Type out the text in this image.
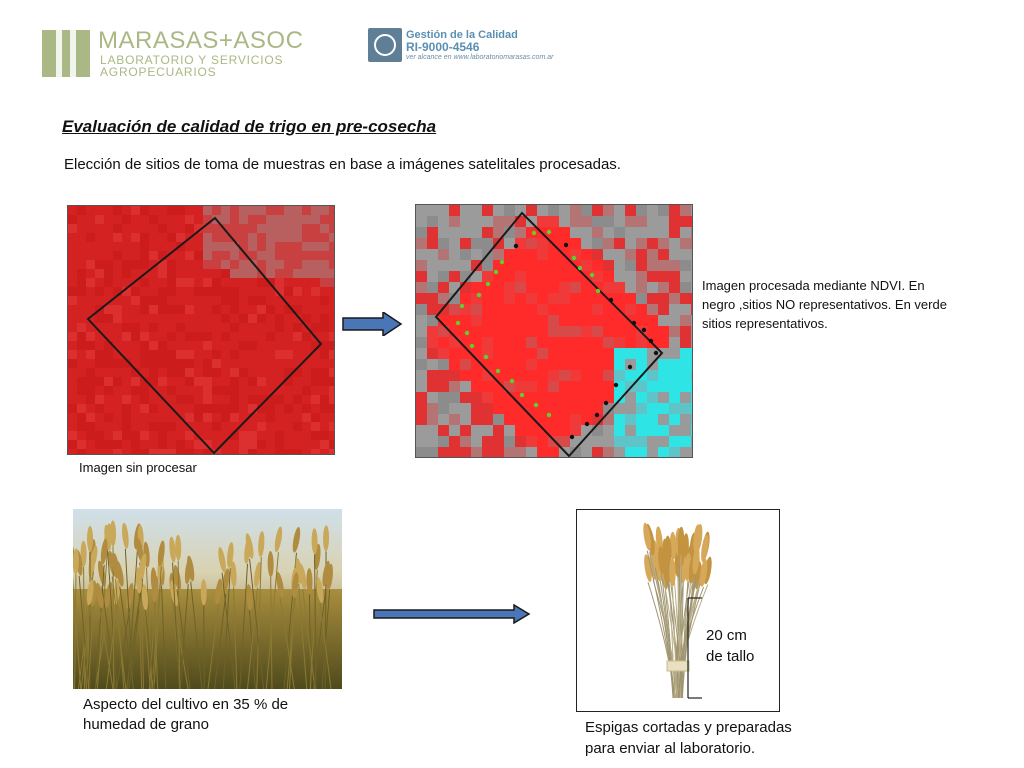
MARASAS+ASOC
LABORATORIO Y SERVICIOS
AGROPECUARIOS
Gestión de la Calidad
RI-9000-4546
ver alcance en www.laboratoriomarasas.com.ar
Evaluación de calidad de trigo en pre-cosecha
Elección de sitios de toma de muestras en base a imágenes satelitales procesadas.
Imagen procesada mediante NDVI. En negro ,sitios NO representativos. En verde sitios representativos.
Imagen sin procesar
Aspecto del cultivo en 35 % de humedad de grano
20 cm
de tallo
Espigas cortadas y preparadas para enviar al laboratorio.
